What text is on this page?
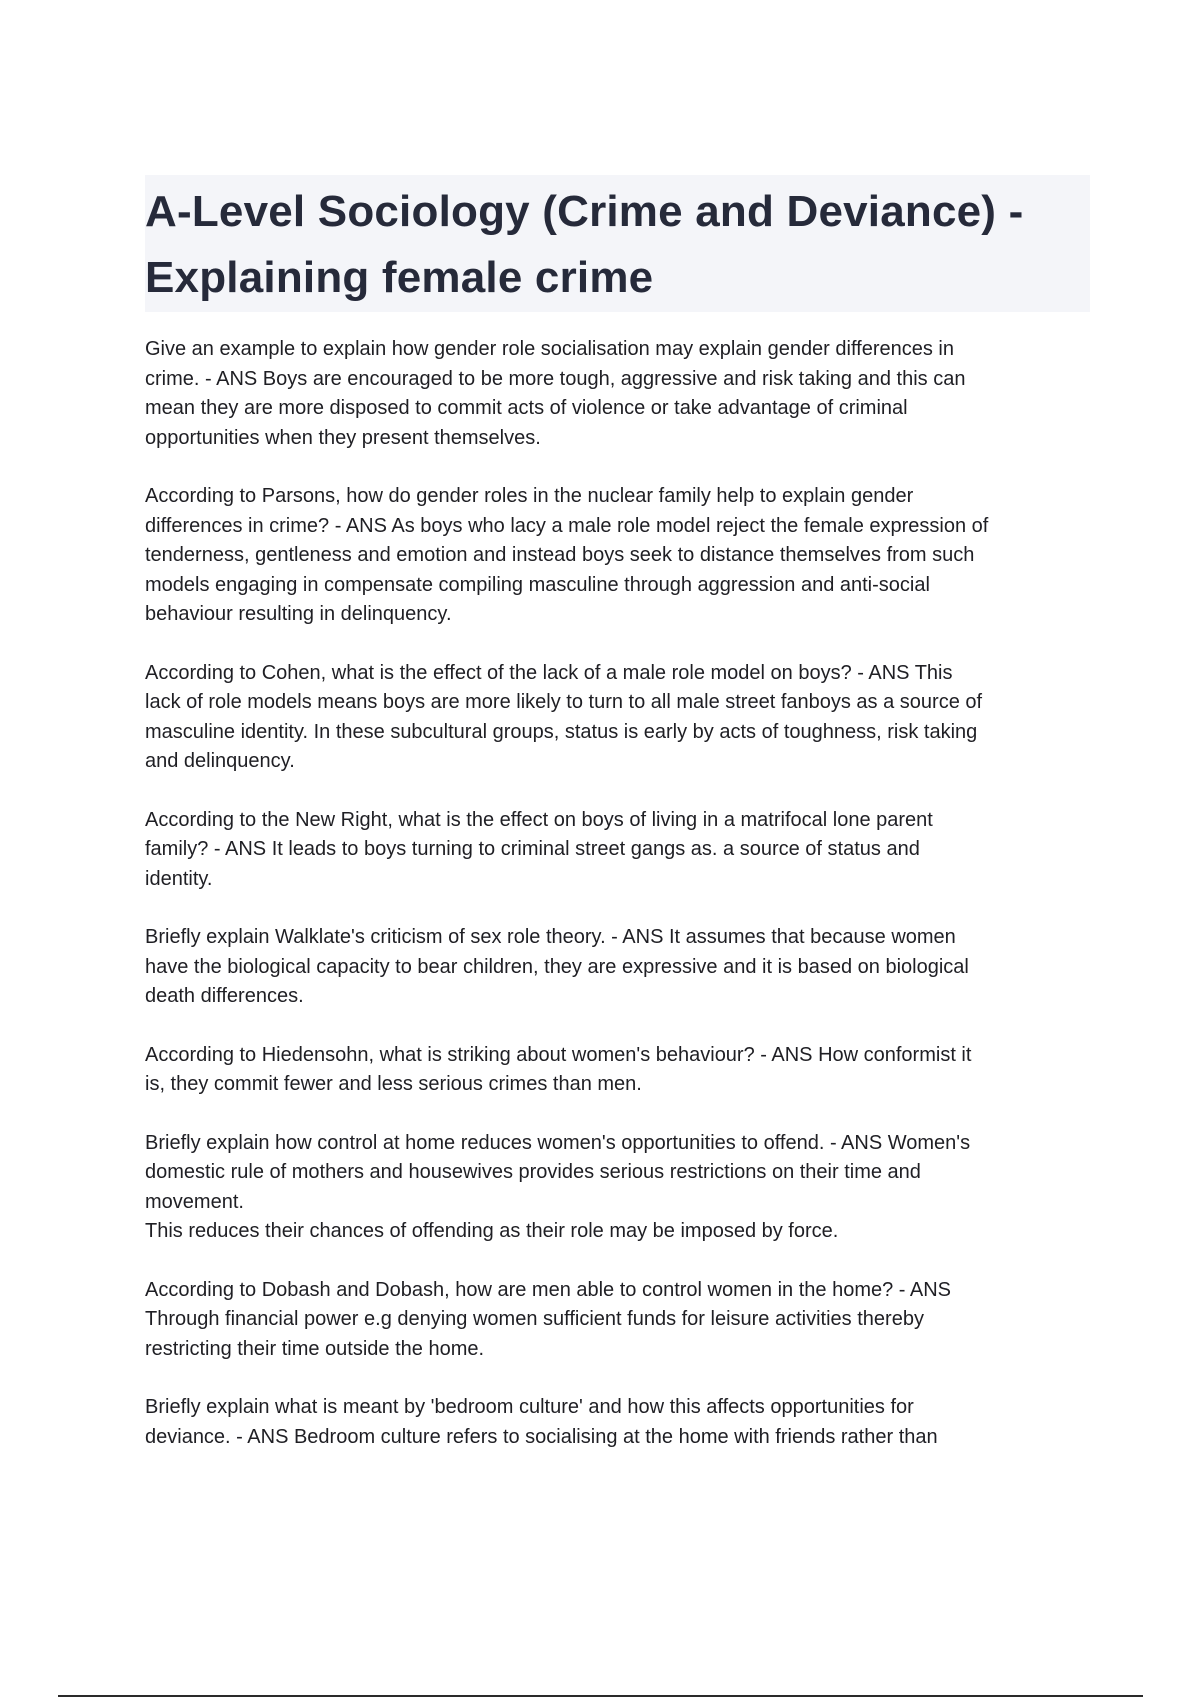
A-Level Sociology (Crime and Deviance) -
Explaining female crime

Give an example to explain how gender role socialisation may explain gender differences in
crime. - ANS Boys are encouraged to be more tough, aggressive and risk taking and this can
mean they are more disposed to commit acts of violence or take advantage of criminal
opportunities when they present themselves.

According to Parsons, how do gender roles in the nuclear family help to explain gender
differences in crime? - ANS As boys who lacy a male role model reject the female expression of
tenderness, gentleness and emotion and instead boys seek to distance themselves from such
models engaging in compensate compiling masculine through aggression and anti-social
behaviour resulting in delinquency.

According to Cohen, what is the effect of the lack of a male role model on boys? - ANS This
lack of role models means boys are more likely to turn to all male street fanboys as a source of
masculine identity. In these subcultural groups, status is early by acts of toughness, risk taking
and delinquency.

According to the New Right, what is the effect on boys of living in a matrifocal lone parent
family? - ANS It leads to boys turning to criminal street gangs as. a source of status and
identity.

Briefly explain Walklate's criticism of sex role theory. - ANS It assumes that because women
have the biological capacity to bear children, they are expressive and it is based on biological
death differences.

According to Hiedensohn, what is striking about women's behaviour? - ANS How conformist it
is, they commit fewer and less serious crimes than men.

Briefly explain how control at home reduces women's opportunities to offend. - ANS Women's
domestic rule of mothers and housewives provides serious restrictions on their time and
movement.
This reduces their chances of offending as their role may be imposed by force.

According to Dobash and Dobash, how are men able to control women in the home? - ANS
Through financial power e.g denying women sufficient funds for leisure activities thereby
restricting their time outside the home.

Briefly explain what is meant by 'bedroom culture' and how this affects opportunities for
deviance. - ANS Bedroom culture refers to socialising at the home with friends rather than
